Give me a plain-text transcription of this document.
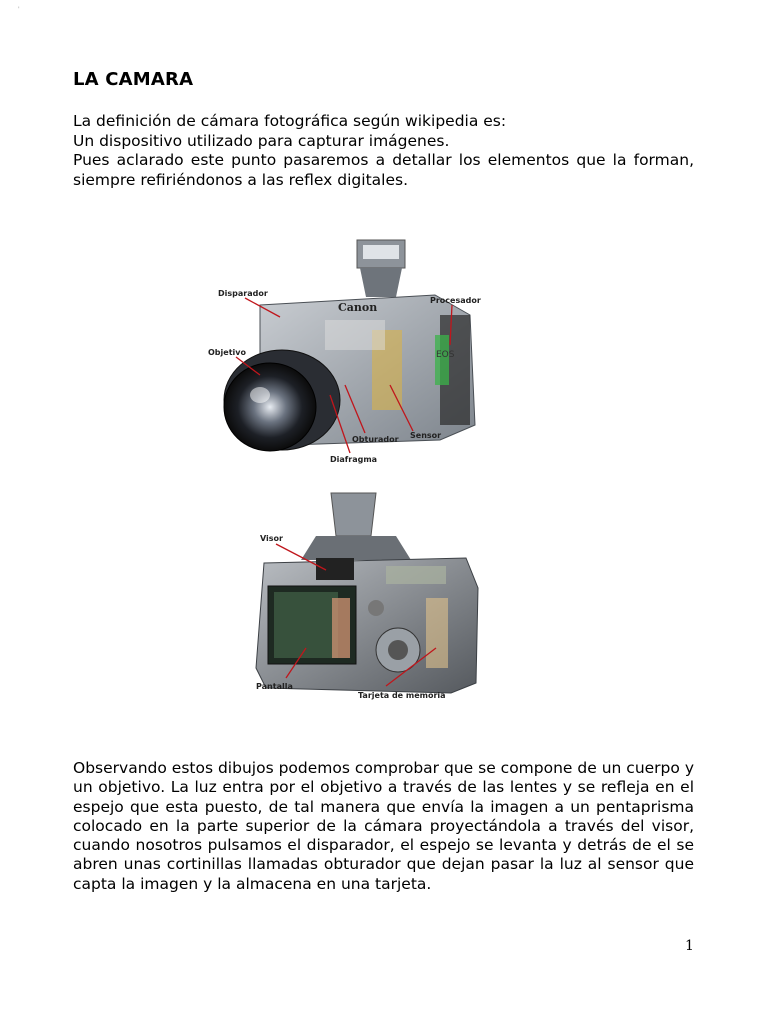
'
LA CAMARA

La definición de cámara fotográfica según wikipedia es:

Un dispositivo utilizado para capturar imágenes.

Pues aclarado este punto pasaremos a detallar los elementos que la forman, siempre refiriéndonos a las reflex digitales.

Canon
EOS
Disparador
Procesador
Objetivo
Obturador Sensor
Diafragma
Visor
Pantalla
Tarjeta de memoria

Observando estos dibujos podemos comprobar que se compone de un cuerpo y un objetivo. La luz entra por el objetivo a través de las lentes y se refleja en el espejo que esta puesto, de tal manera que envía la imagen a un pentaprisma colocado en la parte superior de la cámara proyectándola a través del visor, cuando nosotros pulsamos el disparador, el espejo se levanta y detrás de el se abren unas cortinillas llamadas obturador que dejan pasar la luz al sensor que capta la imagen y la almacena en una tarjeta.

1
